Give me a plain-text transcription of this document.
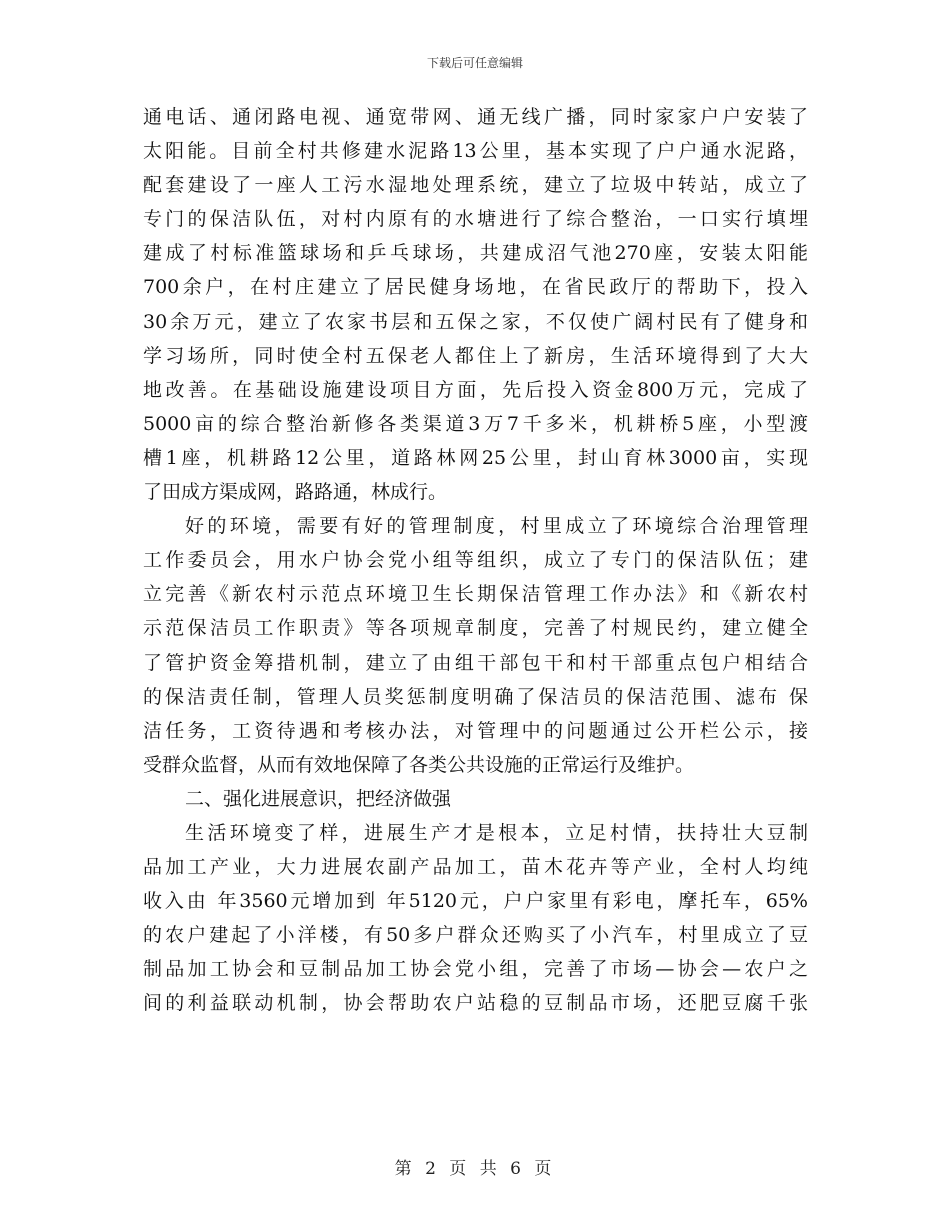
下载后可任意编辑
通电话、通闭路电视、通宽带网、通无线广播，同时家家户户安装了
太阳能。目前全村共修建水泥路13公里，基本实现了户户通水泥路，
配套建设了一座人工污水湿地处理系统，建立了垃圾中转站，成立了
专门的保洁队伍，对村内原有的水塘进行了综合整治，一口实行填埋
建成了村标准篮球场和乒乓球场，共建成沼气池270座，安装太阳能
700余户，在村庄建立了居民健身场地，在省民政厅的帮助下，投入
30余万元，建立了农家书层和五保之家，不仅使广阔村民有了健身和
学习场所，同时使全村五保老人都住上了新房，生活环境得到了大大
地改善。在基础设施建设项目方面，先后投入资金800万元，完成了
5000亩的综合整治新修各类渠道3万7千多米，机耕桥5座，小型渡
槽1座，机耕路12公里，道路林网25公里，封山育林3000亩，实现
了田成方渠成网，路路通，林成行。
好的环境，需要有好的管理制度，村里成立了环境综合治理管理
工作委员会，用水户协会党小组等组织，成立了专门的保洁队伍；建
立完善《新农村示范点环境卫生长期保洁管理工作办法》和《新农村
示范保洁员工作职责》等各项规章制度，完善了村规民约，建立健全
了管护资金筹措机制，建立了由组干部包干和村干部重点包户相结合
的保洁责任制，管理人员奖惩制度明确了保洁员的保洁范围、滤布 保
洁任务，工资待遇和考核办法，对管理中的问题通过公开栏公示，接
受群众监督，从而有效地保障了各类公共设施的正常运行及维护。
二、强化进展意识，把经济做强
生活环境变了样，进展生产才是根本，立足村情，扶持壮大豆制
品加工产业，大力进展农副产品加工，苗木花卉等产业，全村人均纯
收入由 年3560元增加到 年5120元，户户家里有彩电，摩托车，65%
的农户建起了小洋楼，有50多户群众还购买了小汽车，村里成立了豆
制品加工协会和豆制品加工协会党小组，完善了市场—协会—农户之
间的利益联动机制，协会帮助农户站稳的豆制品市场，还肥豆腐千张
第 2 页 共 6 页
